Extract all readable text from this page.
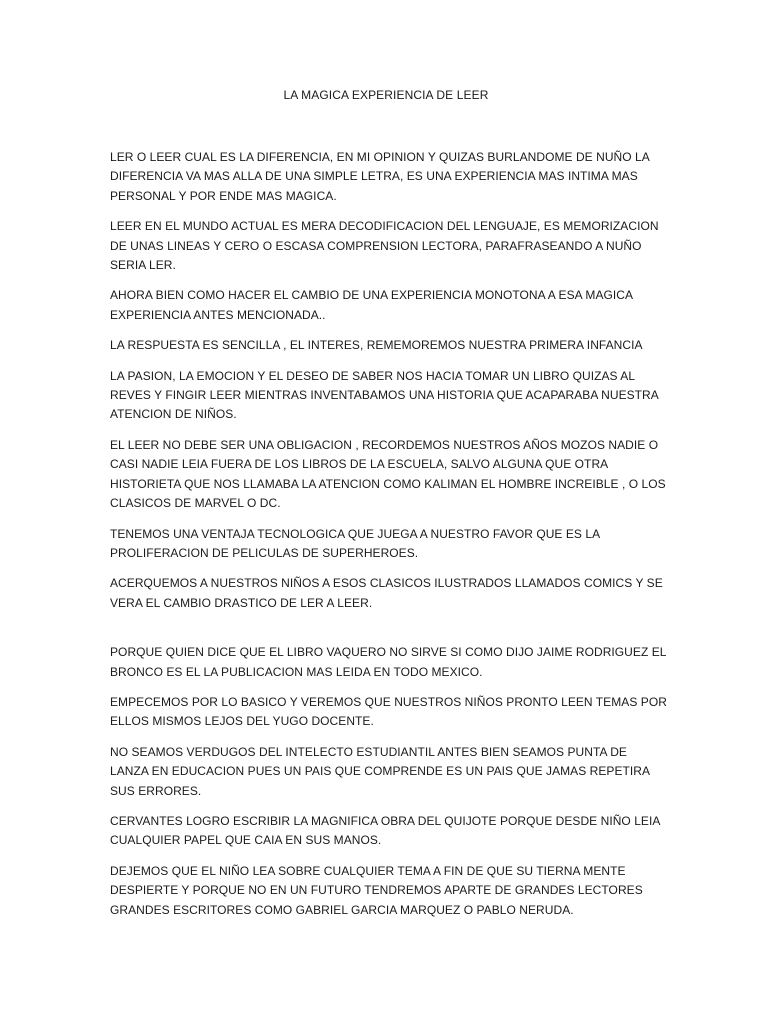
LA MAGICA EXPERIENCIA DE LEER

LER O LEER CUAL ES LA DIFERENCIA, EN MI OPINION Y QUIZAS BURLANDOME DE NUÑO LA DIFERENCIA VA MAS ALLA DE UNA SIMPLE LETRA, ES UNA EXPERIENCIA MAS INTIMA MAS PERSONAL Y POR ENDE MAS MAGICA.

LEER EN EL MUNDO ACTUAL ES MERA DECODIFICACION DEL LENGUAJE, ES MEMORIZACION DE UNAS LINEAS Y CERO O ESCASA COMPRENSION LECTORA, PARAFRASEANDO A NUÑO SERIA LER.

AHORA BIEN COMO HACER EL CAMBIO DE UNA EXPERIENCIA MONOTONA A ESA MAGICA EXPERIENCIA ANTES MENCIONADA..

LA RESPUESTA ES SENCILLA , EL INTERES, REMEMOREMOS NUESTRA PRIMERA INFANCIA

LA PASION, LA EMOCION Y EL DESEO DE SABER NOS HACIA TOMAR UN LIBRO QUIZAS AL REVES Y FINGIR LEER MIENTRAS INVENTABAMOS UNA HISTORIA QUE ACAPARABA NUESTRA ATENCION DE NIÑOS.

EL LEER NO DEBE SER UNA OBLIGACION , RECORDEMOS NUESTROS AÑOS MOZOS NADIE O CASI NADIE LEIA FUERA DE LOS LIBROS DE LA ESCUELA, SALVO ALGUNA QUE OTRA HISTORIETA QUE NOS LLAMABA LA ATENCION COMO KALIMAN EL HOMBRE INCREIBLE , O LOS CLASICOS DE MARVEL O DC.

TENEMOS UNA VENTAJA TECNOLOGICA QUE JUEGA A NUESTRO FAVOR QUE ES LA PROLIFERACION DE PELICULAS DE SUPERHEROES.

ACERQUEMOS A NUESTROS NIÑOS A ESOS CLASICOS ILUSTRADOS LLAMADOS COMICS Y SE VERA EL CAMBIO DRASTICO DE LER A LEER.

PORQUE QUIEN DICE QUE EL LIBRO VAQUERO NO SIRVE SI COMO DIJO JAIME RODRIGUEZ EL BRONCO ES EL LA PUBLICACION MAS LEIDA EN TODO MEXICO.

EMPECEMOS POR LO BASICO Y VEREMOS QUE NUESTROS NIÑOS PRONTO LEEN TEMAS POR ELLOS MISMOS LEJOS DEL YUGO DOCENTE.

NO SEAMOS VERDUGOS DEL INTELECTO ESTUDIANTIL ANTES BIEN SEAMOS PUNTA DE LANZA EN EDUCACION PUES UN PAIS QUE COMPRENDE ES UN PAIS QUE JAMAS REPETIRA SUS ERRORES.

CERVANTES LOGRO ESCRIBIR LA MAGNIFICA OBRA DEL QUIJOTE PORQUE DESDE NIÑO LEIA CUALQUIER PAPEL QUE CAIA EN SUS MANOS.

DEJEMOS QUE EL NIÑO LEA SOBRE CUALQUIER TEMA A FIN DE QUE SU TIERNA MENTE DESPIERTE Y PORQUE NO EN UN FUTURO TENDREMOS APARTE DE GRANDES LECTORES GRANDES ESCRITORES COMO GABRIEL GARCIA MARQUEZ O PABLO NERUDA.
